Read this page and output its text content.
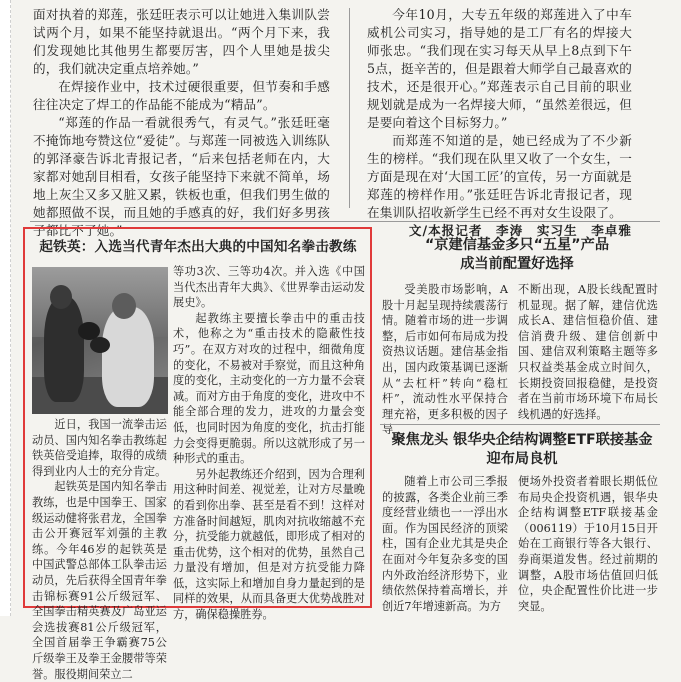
面对执着的郑莲，张廷旺表示可以让她进入集训队尝试两个月，如果不能坚持就退出。“两个月下来，我们发现她比其他男生都要厉害，四个人里她是拔尖的，我们就决定重点培养她。”

在焊接作业中，技术过硬很重要，但节奏和手感往往决定了焊工的作品能不能成为“精品”。

“郑莲的作品一看就很秀气，有灵气。”张廷旺毫不掩饰地夸赞这位“爱徒”。与郑莲一同被选入训练队的郭泽豪告诉北青报记者，“后来包括老师在内，大家都对她刮目相看，女孩子能坚持下来就不简单，场地上灰尘又多又脏又累，铁板也重，但我们男生做的她都照做不误，而且她的手感真的好，我们好多男孩子都比不了她。”

今年10月，大专五年级的郑莲进入了中车威机公司实习，指导她的是工厂有名的焊接大师张忠。“我们现在实习每天从早上8点到下午5点，挺辛苦的，但是跟着大师学自己最喜欢的技术，还是很开心。”郑莲表示自己目前的职业规划就是成为一名焊接大师，“虽然差很远，但是要向着这个目标努力。”

而郑莲不知道的是，她已经成为了不少新生的榜样。“我们现在队里又收了一个女生，一方面是现在对‘大国工匠’的宣传，另一方面就是郑莲的榜样作用。”张廷旺告诉北青报记者，现在集训队招收新学生已经不再对女生设限了。

文/本报记者　李涛　实习生　李卓雅
起铁英：入选当代青年杰出大典的中国知名拳击教练

等功3次、三等功4次。并入选《中国当代杰出青年大典》、《世界拳击运动发展史》。

起教练主要擅长拳击中的重击技术，他称之为“重击技术的隐蔽性技巧”。在双方对攻的过程中，细微角度的变化，不易被对手察觉，而且这种角度的变化，主动变化的一方力量不会衰减。而对方由于角度的变化，进攻中不能全部合理的发力，进攻的力量会变低，也同时因为角度的变化，抗击打能力会变得更脆弱。所以这就形成了另一种形式的重击。

另外起教练还介绍到，因为合理利用这种时间差、视觉差，让对方尽量晚的看到你出拳、甚至是看不到！这样对方准备时间越短，肌肉对抗收缩越不充分，抗受能力就越低，即形成了相对的重击优势，这个相对的优势，虽然自己力量没有增加，但是对方抗受能力降低，这实际上和增加自身力量起到的是同样的效果，从而具备更大优势战胜对方，确保稳操胜券。

近日，我国一流拳击运动员、国内知名拳击教练起铁英倍受追捧，取得的成绩得到业内人士的充分肯定。

起铁英是国内知名拳击教练，也是中国拳王、国家级运动健将张君龙，全国拳击公开赛冠军刘强的主教练。今年46岁的起铁英是中国武警总部体工队拳击运动员，先后获得全国青年拳击锦标赛91公斤级冠军、全国拳击精英赛及广岛亚运会选拔赛81公斤级冠军，全国首届拳王争霸赛75公斤级拳王及拳王金腰带等荣誉。服役期间荣立二

“京建信基金多只“五星”产品
成当前配置好选择

受美股市场影响，A股十月起呈现持续震荡行情。随着市场的进一步调整，后市如何布局成为投资热议话题。建信基金指出，国内政策基调已逐渐从“去杠杆”转向“稳杠杆”，流动性水平保持合理充裕，更多积极的因子导

不断出现，A股长线配置时机显现。据了解，建信优选成长A、建信恒稳价值、建信消费升级、建信创新中国、建信双利策略主题等多只权益类基金成立时间久，长期投资回报稳健，是投资者在当前市场环境下布局长线机遇的好选择。

聚焦龙头 银华央企结构调整ETF联接基金
迎布局良机

随着上市公司三季报的披露，各类企业前三季度经营业绩也一一浮出水面。作为国民经济的顶梁柱，国有企业尤其是央企在面对今年复杂多变的国内外政治经济形势下，业绩依然保持着高增长，并创近7年增速新高。为方

便场外投资者着眼长期低位布局央企投资机遇，银华央企结构调整ETF联接基金（006119）于10月15日开始在工商银行等各大银行、券商渠道发售。经过前期的调整，A股市场估值回归低位，央企配置性价比进一步突显。
